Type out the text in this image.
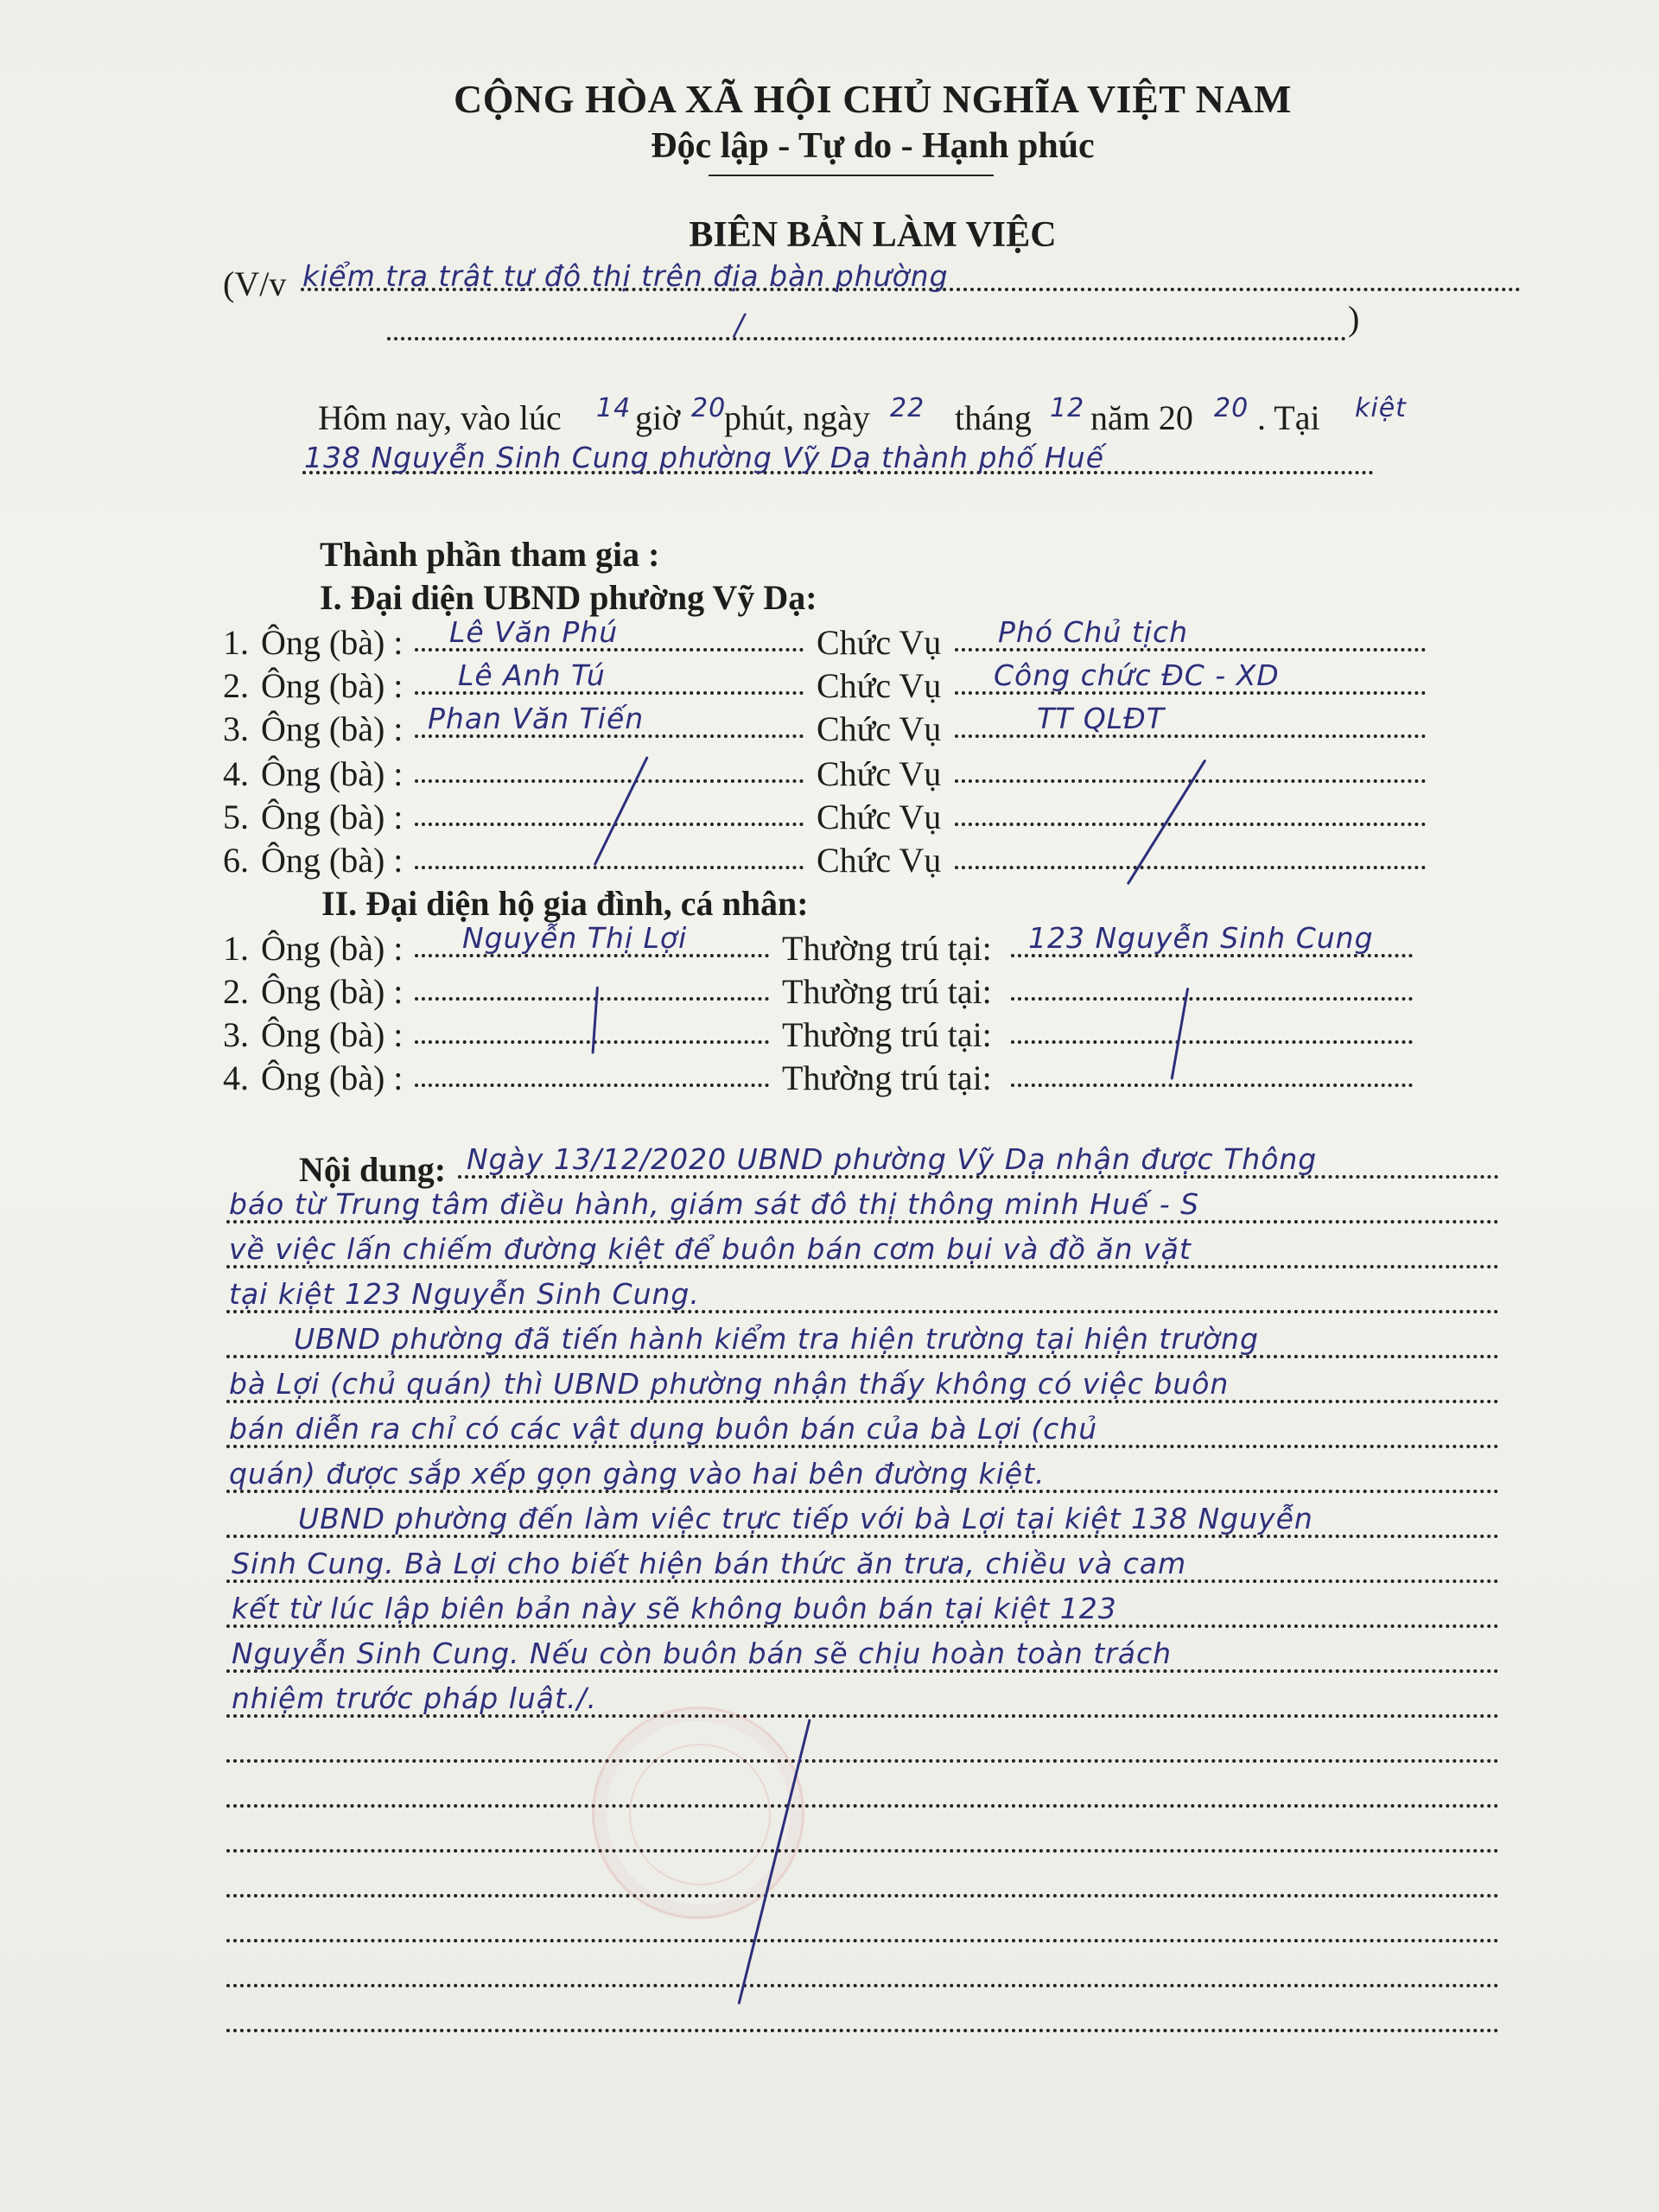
CỘNG HÒA XÃ HỘI CHỦ NGHĨA VIỆT NAM
Độc lập - Tự do - Hạnh phúc
BIÊN BẢN LÀM VIỆC
(V/v kiểm tra trật tự đô thị trên địa bàn phường
/	)
Hôm nay, vào lúc 14 giờ 20
phút, ngày 22 tháng 12 năm 20 20 . Tại kiệt
138 Nguyễn Sinh Cung phường Vỹ Dạ thành phố Huế
Thành phần tham gia :
I. Đại diện UBND phường Vỹ Dạ:
1. Ông (bà) : Lê Văn Phú	Chức Vụ Phó Chủ tịch
2. Ông (bà) : Lê Anh Tú	Chức Vụ Công chức ĐC - XD
3. Ông (bà) : Phan Văn Tiến	Chức Vụ	TT QLĐT
4. Ông (bà) :	Chức Vụ
5. Ông (bà) :	Chức Vụ
6. Ông (bà) :	Chức Vụ
II. Đại diện hộ gia đình, cá nhân:
1. Ông (bà) : Nguyễn Thị Lợi	Thường trú tại: 123 Nguyễn Sinh Cung
2. Ông (bà) :	Thường trú tại:
3. Ông (bà) :	Thường trú tại:
4. Ông (bà) :	Thường trú tại:
Nội dung: Ngày 13/12/2020 UBND phường Vỹ Dạ nhận được Thông
báo từ Trung tâm điều hành, giám sát đô thị thông minh Huế - S
về việc lấn chiếm đường kiệt để buôn bán cơm bụi và đồ ăn vặt
tại kiệt 123 Nguyễn Sinh Cung.
UBND phường đã tiến hành kiểm tra hiện trường tại hiện trường
bà Lợi (chủ quán) thì UBND phường nhận thấy không có việc buôn
bán diễn ra chỉ có các vật dụng buôn bán của bà Lợi (chủ
quán) được sắp xếp gọn gàng vào hai bên đường kiệt.
UBND phường đến làm việc trực tiếp với bà Lợi tại kiệt 138 Nguyễn
Sinh Cung. Bà Lợi cho biết hiện bán thức ăn trưa, chiều và cam
kết từ lúc lập biên bản này sẽ không buôn bán tại kiệt 123
Nguyễn Sinh Cung. Nếu còn buôn bán sẽ chịu hoàn toàn trách
nhiệm trước pháp luật./.
